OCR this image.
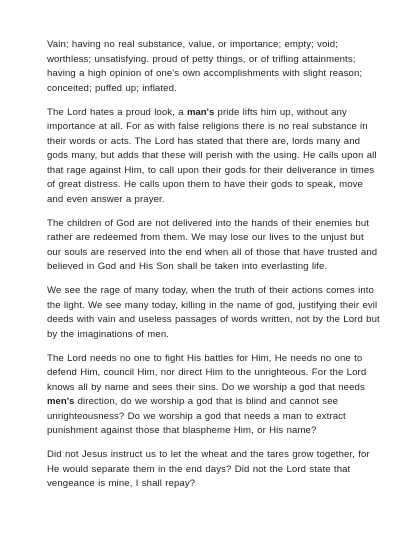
Vain; having no real substance, value, or importance; empty; void; worthless; unsatisfying. proud of petty things, or of trifling attainments; having a high opinion of one's own accomplishments with slight reason; conceited; puffed up; inflated.

The Lord hates a proud look, a man's pride lifts him up, without any importance at all. For as with false religions there is no real substance in their words or acts. The Lord has stated that there are, lords many and gods many, but adds that these will perish with the using. He calls upon all that rage against Him, to call upon their gods for their deliverance in times of great distress. He calls upon them to have their gods to speak, move and even answer a prayer.

The children of God are not delivered into the hands of their enemies but rather are redeemed from them. We may lose our lives to the unjust but our souls are reserved into the end when all of those that have trusted and believed in God and His Son shall be taken into everlasting life.

We see the rage of many today, when the truth of their actions comes into the light. We see many today, killing in the name of god, justifying their evil deeds with vain and useless passages of words written, not by the Lord but by the imaginations of men.

The Lord needs no one to fight His battles for Him, He needs no one to defend Him, council Him, nor direct Him to the unrighteous. For the Lord knows all by name and sees their sins. Do we worship a god that needs men's direction, do we worship a god that is blind and cannot see unrighteousness? Do we worship a god that needs a man to extract punishment against those that blaspheme Him, or His name?

Did not Jesus instruct us to let the wheat and the tares grow together, for He would separate them in the end days? Did not the Lord state that vengeance is mine, I shall repay?
